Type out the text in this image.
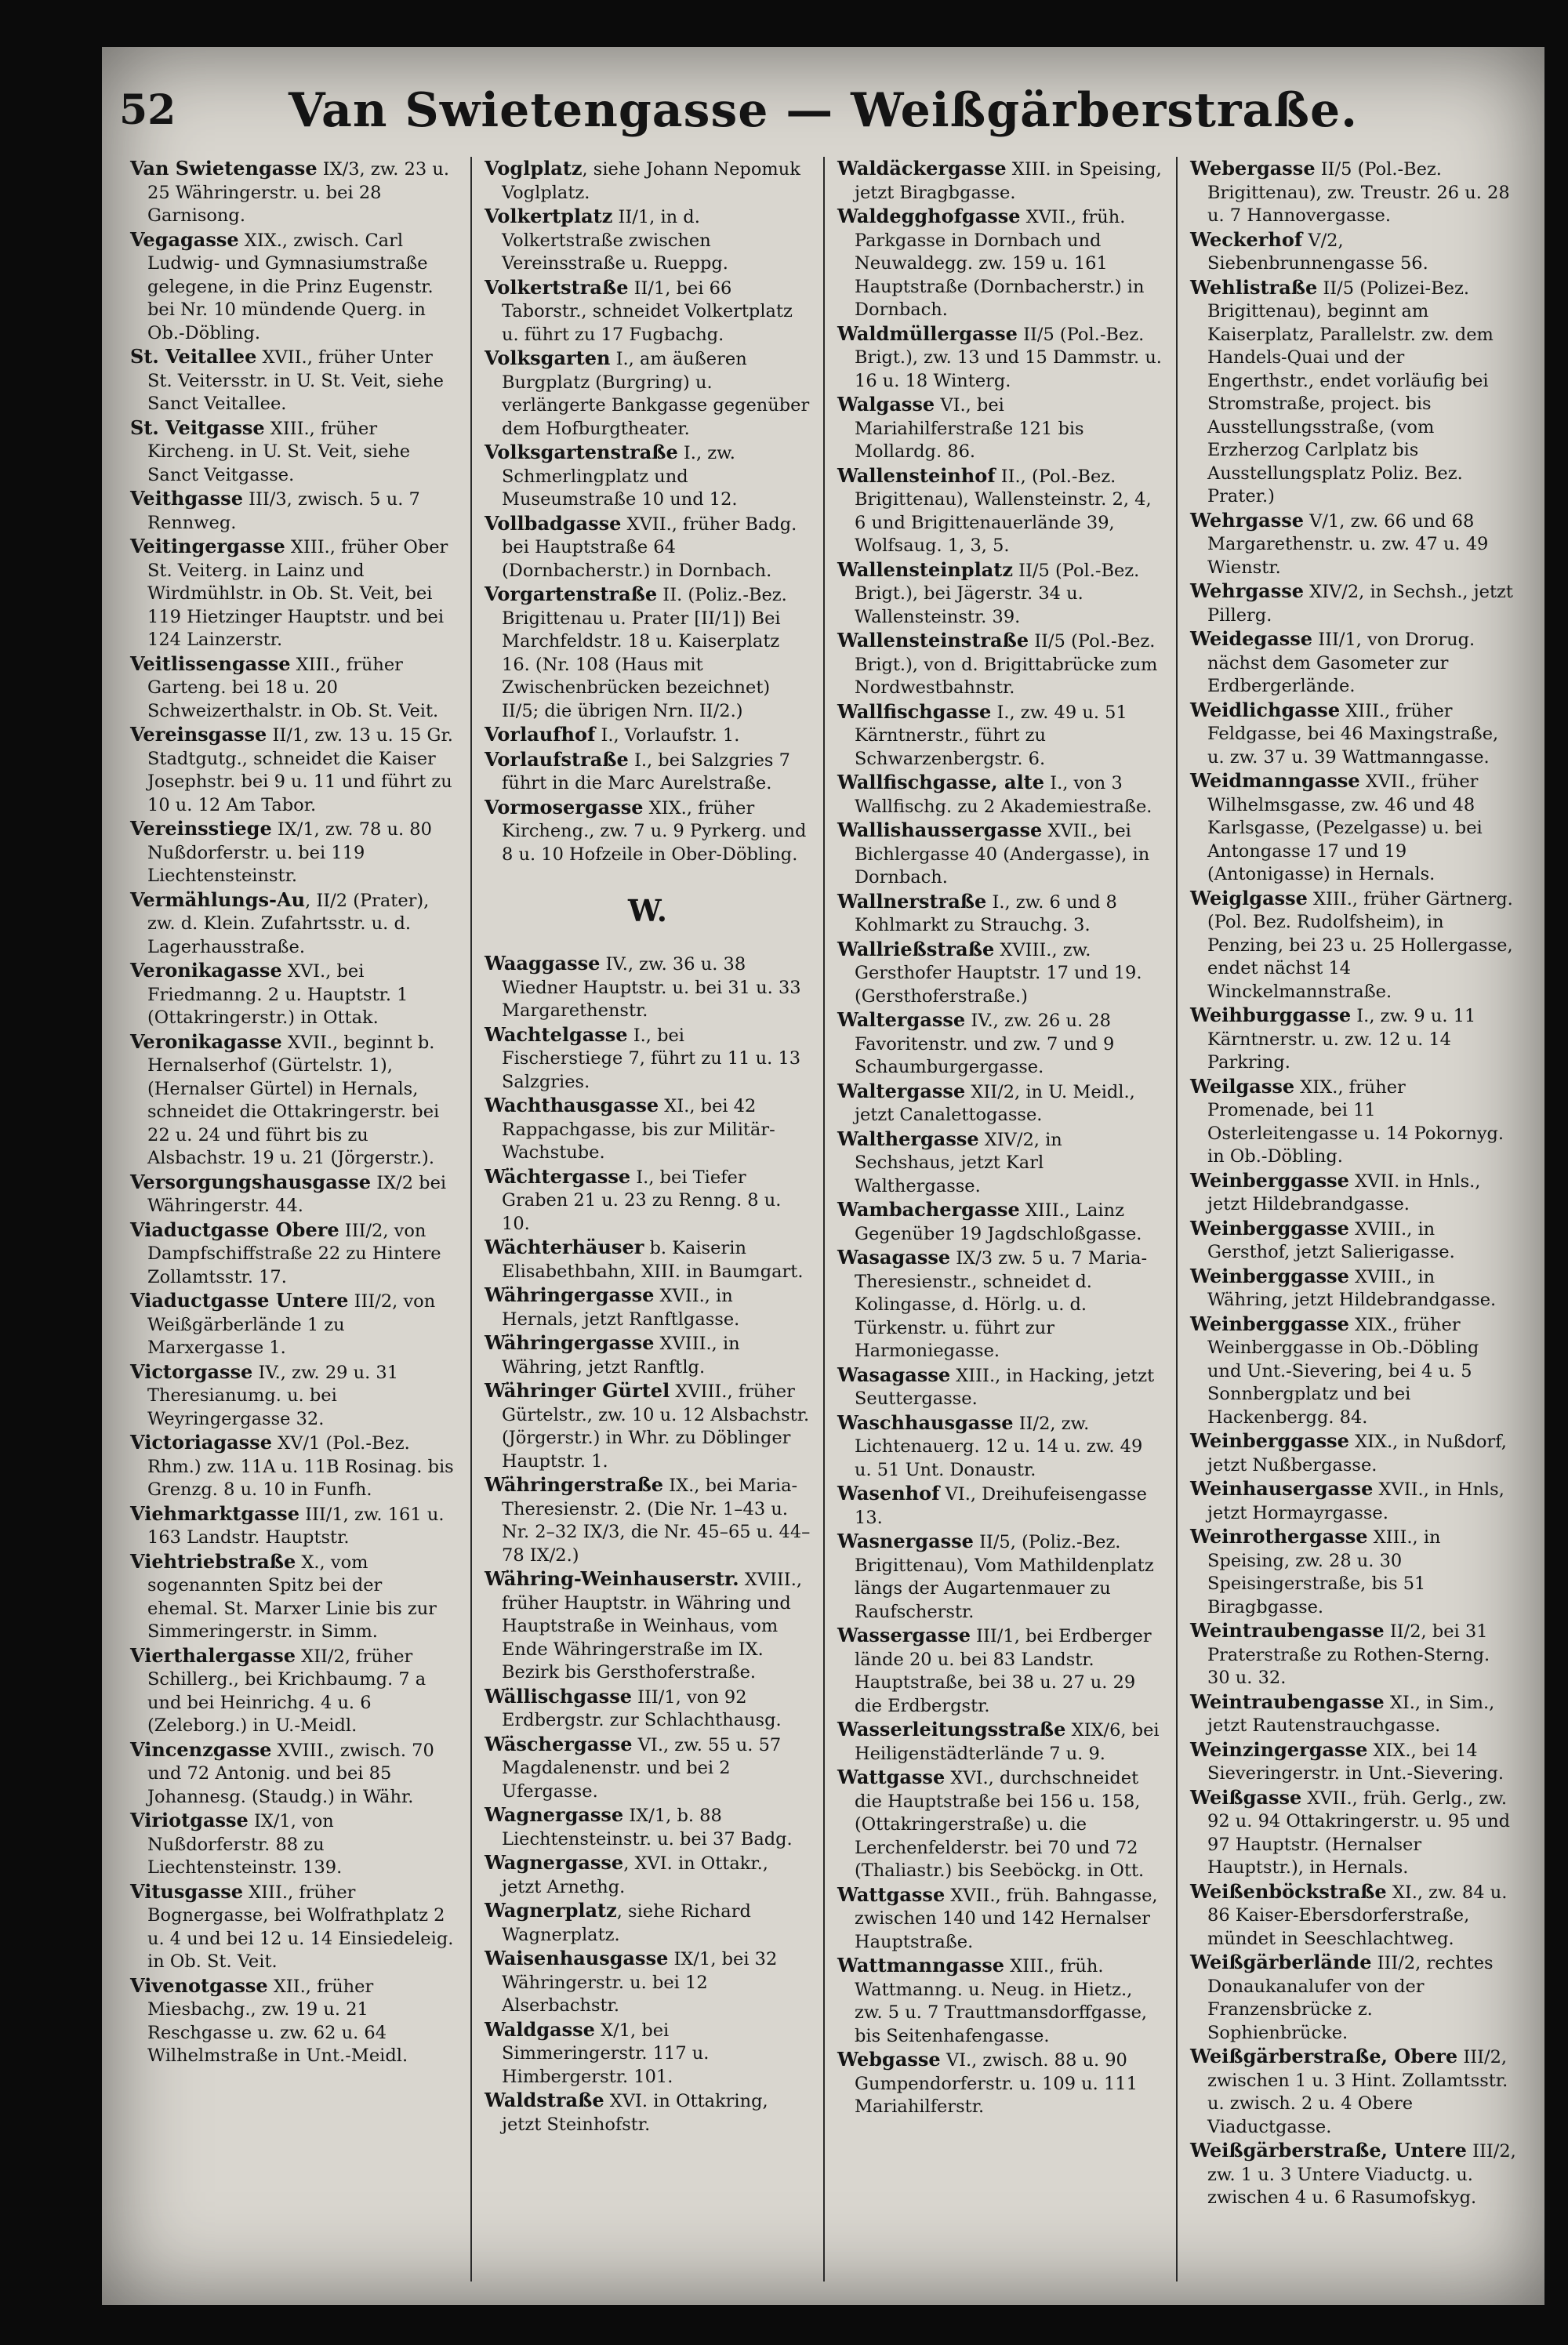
52	Van Swietengasse — Weißgärberstraße.

Van Swietengasse IX/3, zw. 23 u. 25 Währingerstr. u. bei 28 Garnisong.

Vegagasse XIX., zwisch. Carl Ludwig- und Gymnasiumstraße gelegene, in die Prinz Eugenstr. bei Nr. 10 mündende Querg. in Ob.-Döbling.

St. Veitallee XVII., früher Unter St. Veitersstr. in U. St. Veit, siehe Sanct Veitallee.

St. Veitgasse XIII., früher Kircheng. in U. St. Veit, siehe Sanct Veitgasse.

Veithgasse III/3, zwisch. 5 u. 7 Rennweg.

Veitingergasse XIII., früher Ober St. Veiterg. in Lainz und Wirdmühlstr. in Ob. St. Veit, bei 119 Hietzinger Hauptstr. und bei 124 Lainzerstr.

Veitlissengasse XIII., früher Garteng. bei 18 u. 20 Schweizerthalstr. in Ob. St. Veit.

Vereinsgasse II/1, zw. 13 u. 15 Gr. Stadtgutg., schneidet die Kaiser Josephstr. bei 9 u. 11 und führt zu 10 u. 12 Am Tabor.

Vereinsstiege IX/1, zw. 78 u. 80 Nußdorferstr. u. bei 119 Liechtensteinstr.

Vermählungs-Au, II/2 (Prater), zw. d. Klein. Zufahrtsstr. u. d. Lagerhausstraße.

Veronikagasse XVI., bei Friedmanng. 2 u. Hauptstr. 1 (Ottakringerstr.) in Ottak.

Veronikagasse XVII., beginnt b. Hernalserhof (Gürtelstr. 1), (Hernalser Gürtel) in Hernals, schneidet die Ottakringerstr. bei 22 u. 24 und führt bis zu Alsbachstr. 19 u. 21 (Jörgerstr.).

Versorgungshausgasse IX/2 bei Währingerstr. 44.

Viaductgasse Obere III/2, von Dampfschiffstraße 22 zu Hintere Zollamtsstr. 17.

Viaductgasse Untere III/2, von Weißgärberlände 1 zu Marxergasse 1.

Victorgasse IV., zw. 29 u. 31 Theresianumg. u. bei Weyringergasse 32.

Victoriagasse XV/1 (Pol.-Bez. Rhm.) zw. 11A u. 11B Rosinag. bis Grenzg. 8 u. 10 in Funfh.

Viehmarktgasse III/1, zw. 161 u. 163 Landstr. Hauptstr.

Viehtriebstraße X., vom sogenannten Spitz bei der ehemal. St. Marxer Linie bis zur Simmeringerstr. in Simm.

Vierthalergasse XII/2, früher Schillerg., bei Krichbaumg. 7 a und bei Heinrichg. 4 u. 6 (Zeleborg.) in U.-Meidl.

Vincenzgasse XVIII., zwisch. 70 und 72 Antonig. und bei 85 Johannesg. (Staudg.) in Währ.

Viriotgasse IX/1, von Nußdorferstr. 88 zu Liechtensteinstr. 139.

Vitusgasse XIII., früher Bognergasse, bei Wolfrathplatz 2 u. 4 und bei 12 u. 14 Einsiedeleig. in Ob. St. Veit.

Vivenotgasse XII., früher Miesbachg., zw. 19 u. 21 Reschgasse u. zw. 62 u. 64 Wilhelmstraße in Unt.-Meidl.

Voglplatz, siehe Johann Nepomuk Voglplatz.

Volkertplatz II/1, in d. Volkertstraße zwischen Vereinsstraße u. Rueppg.

Volkertstraße II/1, bei 66 Taborstr., schneidet Volkertplatz u. führt zu 17 Fugbachg.

Volksgarten I., am äußeren Burgplatz (Burgring) u. verlängerte Bankgasse gegenüber dem Hofburgtheater.

Volksgartenstraße I., zw. Schmerlingplatz und Museumstraße 10 und 12.

Vollbadgasse XVII., früher Badg. bei Hauptstraße 64 (Dornbacherstr.) in Dornbach.

Vorgartenstraße II. (Poliz.-Bez. Brigittenau u. Prater [II/1]) Bei Marchfeldstr. 18 u. Kaiserplatz 16. (Nr. 108 (Haus mit Zwischenbrücken bezeichnet) II/5; die übrigen Nrn. II/2.)

Vorlaufhof I., Vorlaufstr. 1.

Vorlaufstraße I., bei Salzgries 7 führt in die Marc Aurelstraße.

Vormosergasse XIX., früher Kircheng., zw. 7 u. 9 Pyrkerg. und 8 u. 10 Hofzeile in Ober-Döbling.

W.

Waaggasse IV., zw. 36 u. 38 Wiedner Hauptstr. u. bei 31 u. 33 Margarethenstr.

Wachtelgasse I., bei Fischerstiege 7, führt zu 11 u. 13 Salzgries.

Wachthausgasse XI., bei 42 Rappachgasse, bis zur Militär-Wachstube.

Wächtergasse I., bei Tiefer Graben 21 u. 23 zu Renng. 8 u. 10.

Wächterhäuser b. Kaiserin Elisabethbahn, XIII. in Baumgart.

Währingergasse XVII., in Hernals, jetzt Ranftlgasse.

Währingergasse XVIII., in Währing, jetzt Ranftlg.

Währinger Gürtel XVIII., früher Gürtelstr., zw. 10 u. 12 Alsbachstr. (Jörgerstr.) in Whr. zu Döblinger Hauptstr. 1.

Währingerstraße IX., bei Maria-Theresienstr. 2. (Die Nr. 1–43 u. Nr. 2–32 IX/3, die Nr. 45–65 u. 44–78 IX/2.)

Währing-Weinhauserstr. XVIII., früher Hauptstr. in Währing und Hauptstraße in Weinhaus, vom Ende Währingerstraße im IX. Bezirk bis Gersthoferstraße.

Wällischgasse III/1, von 92 Erdbergstr. zur Schlachthausg.

Wäschergasse VI., zw. 55 u. 57 Magdalenenstr. und bei 2 Ufergasse.

Wagnergasse IX/1, b. 88 Liechtensteinstr. u. bei 37 Badg.

Wagnergasse, XVI. in Ottakr., jetzt Arnethg.

Wagnerplatz, siehe Richard Wagnerplatz.

Waisenhausgasse IX/1, bei 32 Währingerstr. u. bei 12 Alserbachstr.

Waldgasse X/1, bei Simmeringerstr. 117 u. Himbergerstr. 101.

Waldstraße XVI. in Ottakring, jetzt Steinhofstr.

Waldäckergasse XIII. in Speising, jetzt Biragbgasse.

Waldegghofgasse XVII., früh. Parkgasse in Dornbach und Neuwaldegg. zw. 159 u. 161 Hauptstraße (Dornbacherstr.) in Dornbach.

Waldmüllergasse II/5 (Pol.-Bez. Brigt.), zw. 13 und 15 Dammstr. u. 16 u. 18 Winterg.

Walgasse VI., bei Mariahilferstraße 121 bis Mollardg. 86.

Wallensteinhof II., (Pol.-Bez. Brigittenau), Wallensteinstr. 2, 4, 6 und Brigittenauerlände 39, Wolfsaug. 1, 3, 5.

Wallensteinplatz II/5 (Pol.-Bez. Brigt.), bei Jägerstr. 34 u. Wallensteinstr. 39.

Wallensteinstraße II/5 (Pol.-Bez. Brigt.), von d. Brigittabrücke zum Nordwestbahnstr.

Wallfischgasse I., zw. 49 u. 51 Kärntnerstr., führt zu Schwarzenbergstr. 6.

Wallfischgasse, alte I., von 3 Wallfischg. zu 2 Akademiestraße.

Wallishaussergasse XVII., bei Bichlergasse 40 (Andergasse), in Dornbach.

Wallnerstraße I., zw. 6 und 8 Kohlmarkt zu Strauchg. 3.

Wallrießstraße XVIII., zw. Gersthofer Hauptstr. 17 und 19. (Gersthoferstraße.)

Waltergasse IV., zw. 26 u. 28 Favoritenstr. und zw. 7 und 9 Schaumburgergasse.

Waltergasse XII/2, in U. Meidl., jetzt Canalettogasse.

Walthergasse XIV/2, in Sechshaus, jetzt Karl Walthergasse.

Wambachergasse XIII., Lainz Gegenüber 19 Jagdschloßgasse.

Wasagasse IX/3 zw. 5 u. 7 Maria-Theresienstr., schneidet d. Kolingasse, d. Hörlg. u. d. Türkenstr. u. führt zur Harmoniegasse.

Wasagasse XIII., in Hacking, jetzt Seuttergasse.

Waschhausgasse II/2, zw. Lichtenauerg. 12 u. 14 u. zw. 49 u. 51 Unt. Donaustr.

Wasenhof VI., Dreihufeisengasse 13.

Wasnergasse II/5, (Poliz.-Bez. Brigittenau), Vom Mathildenplatz längs der Augartenmauer zu Raufscherstr.

Wassergasse III/1, bei Erdberger lände 20 u. bei 83 Landstr. Hauptstraße, bei 38 u. 27 u. 29 die Erdbergstr.

Wasserleitungsstraße XIX/6, bei Heiligenstädterlände 7 u. 9.

Wattgasse XVI., durchschneidet die Hauptstraße bei 156 u. 158, (Ottakringerstraße) u. die Lerchenfelderstr. bei 70 und 72 (Thaliastr.) bis Seeböckg. in Ott.

Wattgasse XVII., früh. Bahngasse, zwischen 140 und 142 Hernalser Hauptstraße.

Wattmanngasse XIII., früh. Wattmanng. u. Neug. in Hietz., zw. 5 u. 7 Trauttmansdorffgasse, bis Seitenhafengasse.

Webgasse VI., zwisch. 88 u. 90 Gumpendorferstr. u. 109 u. 111 Mariahilferstr.

Webergasse II/5 (Pol.-Bez. Brigittenau), zw. Treustr. 26 u. 28 u. 7 Hannovergasse.

Weckerhof V/2, Siebenbrunnengasse 56.

Wehlistraße II/5 (Polizei-Bez. Brigittenau), beginnt am Kaiserplatz, Parallelstr. zw. dem Handels-Quai und der Engerthstr., endet vorläufig bei Stromstraße, project. bis Ausstellungsstraße, (vom Erzherzog Carlplatz bis Ausstellungsplatz Poliz. Bez. Prater.)

Wehrgasse V/1, zw. 66 und 68 Margarethenstr. u. zw. 47 u. 49 Wienstr.

Wehrgasse XIV/2, in Sechsh., jetzt Pillerg.

Weidegasse III/1, von Drorug. nächst dem Gasometer zur Erdbergerlände.

Weidlichgasse XIII., früher Feldgasse, bei 46 Maxingstraße, u. zw. 37 u. 39 Wattmanngasse.

Weidmanngasse XVII., früher Wilhelmsgasse, zw. 46 und 48 Karlsgasse, (Pezelgasse) u. bei Antongasse 17 und 19 (Antonigasse) in Hernals.

Weiglgasse XIII., früher Gärtnerg. (Pol. Bez. Rudolfsheim), in Penzing, bei 23 u. 25 Hollergasse, endet nächst 14 Winckelmannstraße.

Weihburggasse I., zw. 9 u. 11 Kärntnerstr. u. zw. 12 u. 14 Parkring.

Weilgasse XIX., früher Promenade, bei 11 Osterleitengasse u. 14 Pokornyg. in Ob.-Döbling.

Weinberggasse XVII. in Hnls., jetzt Hildebrandgasse.

Weinberggasse XVIII., in Gersthof, jetzt Salierigasse.

Weinberggasse XVIII., in Währing, jetzt Hildebrandgasse.

Weinberggasse XIX., früher Weinberggasse in Ob.-Döbling und Unt.-Sievering, bei 4 u. 5 Sonnbergplatz und bei Hackenbergg. 84.

Weinberggasse XIX., in Nußdorf, jetzt Nußbergasse.

Weinhausergasse XVII., in Hnls, jetzt Hormayrgasse.

Weinrothergasse XIII., in Speising, zw. 28 u. 30 Speisingerstraße, bis 51 Biragbgasse.

Weintraubengasse II/2, bei 31 Praterstraße zu Rothen-Sterng. 30 u. 32.

Weintraubengasse XI., in Sim., jetzt Rautenstrauchgasse.

Weinzingergasse XIX., bei 14 Sieveringerstr. in Unt.-Sievering.

Weißgasse XVII., früh. Gerlg., zw. 92 u. 94 Ottakringerstr. u. 95 und 97 Hauptstr. (Hernalser Hauptstr.), in Hernals.

Weißenböckstraße XI., zw. 84 u. 86 Kaiser-Ebersdorferstraße, mündet in Seeschlachtweg.

Weißgärberlände III/2, rechtes Donaukanalufer von der Franzensbrücke z. Sophienbrücke.

Weißgärberstraße, Obere III/2, zwischen 1 u. 3 Hint. Zollamtsstr. u. zwisch. 2 u. 4 Obere Viaductgasse.

Weißgärberstraße, Untere III/2, zw. 1 u. 3 Untere Viaductg. u. zwischen 4 u. 6 Rasumofskyg.
